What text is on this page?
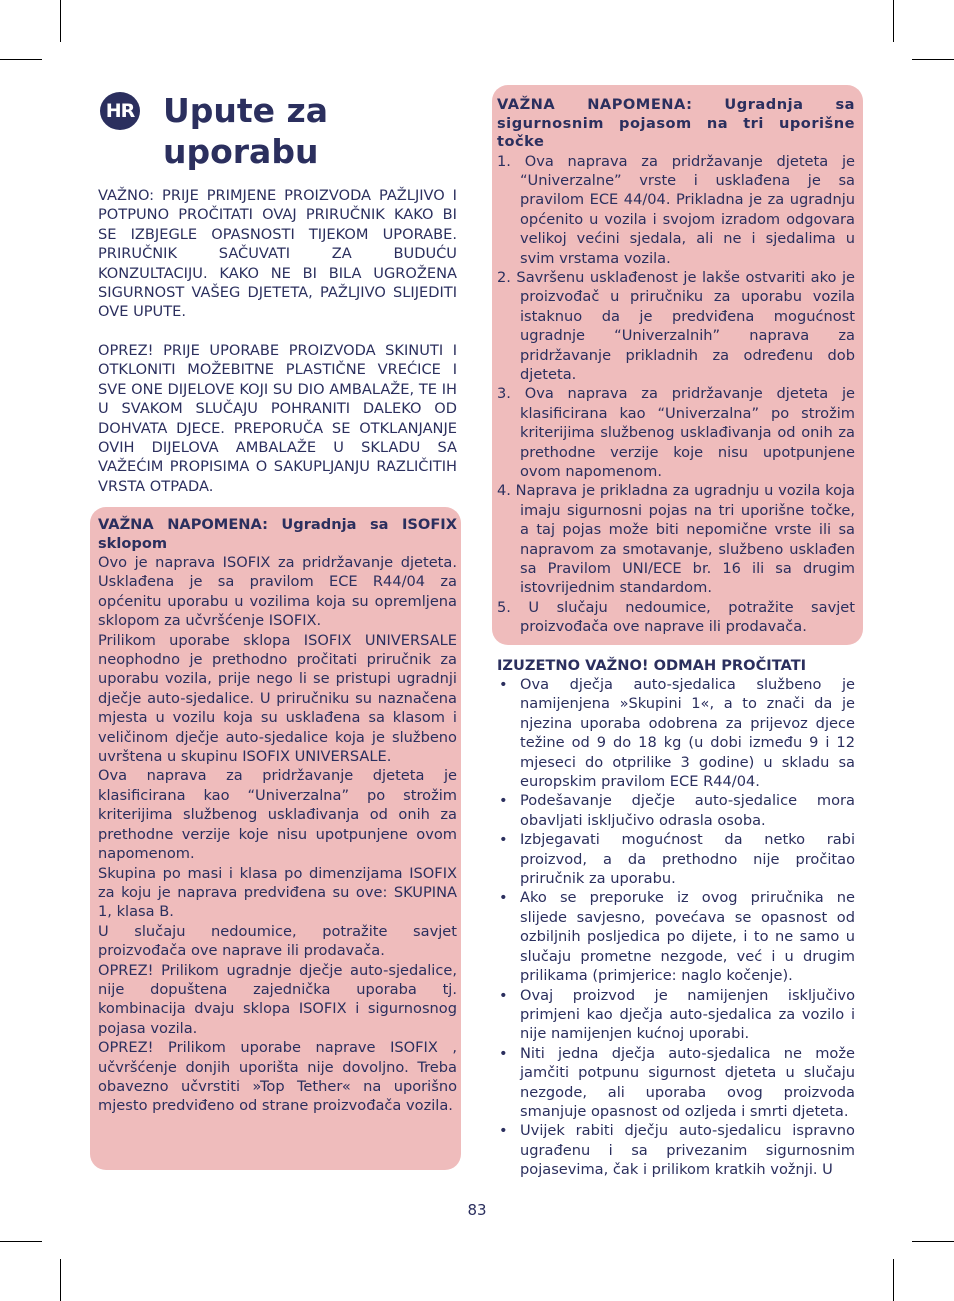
HR Upute za uporabu
VAŽNO: PRIJE PRIMJENE PROIZVODA PAŽLJIVO I POTPUNO PROČITATI OVAJ PRIRUČNIK KAKO BI SE IZBJEGLE OPASNOSTI TIJEKOM UPORABE. PRIRUČNIK SAČUVATI ZA BUDUĆU KONZULTACIJU. KAKO NE BI BILA UGROŽENA SIGURNOST VAŠEG DJETETA, PAŽLJIVO SLIJEDITI OVE UPUTE.
OPREZ! PRIJE UPORABE PROIZVODA SKINUTI I OTKLONITI MOŽEBITNE PLASTIČNE VREĆICE I SVE ONE DIJELOVE KOJI SU DIO AMBALAŽE, TE IH U SVAKOM SLUČAJU POHRANITI DALEKO OD DOHVATA DJECE. PREPORUČA SE OTKLANJANJE OVIH DIJELOVA AMBALAŽE U SKLADU SA VAŽEĆIM PROPISIMA O SAKUPLJANJU RAZLIČITIH VRSTA OTPADA.
VAŽNA NAPOMENA: Ugradnja sa ISOFIX sklopom
Ovo je naprava ISOFIX za pridržavanje djeteta. Usklađena je sa pravilom ECE R44/04 za općenitu uporabu u vozilima koja su opremljena sklopom za učvršćenje ISOFIX.
Prilikom uporabe sklopa ISOFIX UNIVERSALE neophodno je prethodno pročitati priručnik za uporabu vozila, prije nego li se pristupi ugradnji dječje auto-sjedalice. U priručniku su naznačena mjesta u vozilu koja su usklađena sa klasom i veličinom dječje auto-sjedalice koja je službeno uvrštena u skupinu ISOFIX UNIVERSALE.
Ova naprava za pridržavanje djeteta je klasificirana kao “Univerzalna” po strožim kriterijima službenog usklađivanja od onih za prethodne verzije koje nisu upotpunjene ovom napomenom.
Skupina po masi i klasa po dimenzijama ISOFIX za koju je naprava predviđena su ove: SKUPINA 1, klasa B.
U slučaju nedoumice, potražite savjet proizvođača ove naprave ili prodavača.
OPREZ! Prilikom ugradnje dječje auto-sjedalice, nije dopuštena zajednička uporaba tj. kombinacija dvaju sklopa ISOFIX i sigurnosnog pojasa vozila.
OPREZ! Prilikom uporabe naprave ISOFIX , učvršćenje donjih uporišta nije dovoljno. Treba obavezno učvrstiti »Top Tether« na uporišno mjesto predviđeno od strane proizvođača vozila.
VAŽNA NAPOMENA: Ugradnja sa sigurnosnim pojasom na tri uporišne točke
1. Ova naprava za pridržavanje djeteta je “Univerzalne” vrste i usklađena je sa pravilom ECE 44/04. Prikladna je za ugradnju općenito u vozila i svojom izradom odgovara velikoj većini sjedala, ali ne i sjedalima u svim vrstama vozila.
2. Savršenu usklađenost je lakše ostvariti ako je proizvođač u priručniku za uporabu vozila istaknuo da je predviđena mogućnost ugradnje “Univerzalnih” naprava za pridržavanje prikladnih za određenu dob djeteta.
3. Ova naprava za pridržavanje djeteta je klasificirana kao “Univerzalna” po strožim kriterijima službenog usklađivanja od onih za prethodne verzije koje nisu upotpunjene ovom napomenom.
4. Naprava je prikladna za ugradnju u vozila koja imaju sigurnosni pojas na tri uporišne točke, a taj pojas može biti nepomične vrste ili sa napravom za smotavanje, službeno usklađen sa Pravilom UNI/ECE br. 16 ili sa drugim istovrijednim standardom.
5. U slučaju nedoumice, potražite savjet proizvođača ove naprave ili prodavača.
IZUZETNO VAŽNO! ODMAH PROČITATI
• Ova dječja auto-sjedalica službeno je namijenjena »Skupini 1«, a to znači da je njezina uporaba odobrena za prijevoz djece težine od 9 do 18 kg (u dobi između 9 i 12 mjeseci do otprilike 3 godine) u skladu sa europskim pravilom ECE R44/04.
• Podešavanje dječje auto-sjedalice mora obavljati isključivo odrasla osoba.
• Izbjegavati mogućnost da netko rabi proizvod, a da prethodno nije pročitao priručnik za uporabu.
• Ako se preporuke iz ovog priručnika ne slijede savjesno, povećava se opasnost od ozbiljnih posljedica po dijete, i to ne samo u slučaju prometne nezgode, već i u drugim prilikama (primjerice: naglo kočenje).
• Ovaj proizvod je namijenjen isključivo primjeni kao dječja auto-sjedalica za vozilo i nije namijenjen kućnoj uporabi.
• Niti jedna dječja auto-sjedalica ne može jamčiti potpunu sigurnost djeteta u slučaju nezgode, ali uporaba ovog proizvoda smanjuje opasnost od ozljeda i smrti djeteta.
• Uvijek rabiti dječju auto-sjedalicu ispravno ugrađenu i sa privezanim sigurnosnim pojasevima, čak i prilikom kratkih vožnji. U
83
